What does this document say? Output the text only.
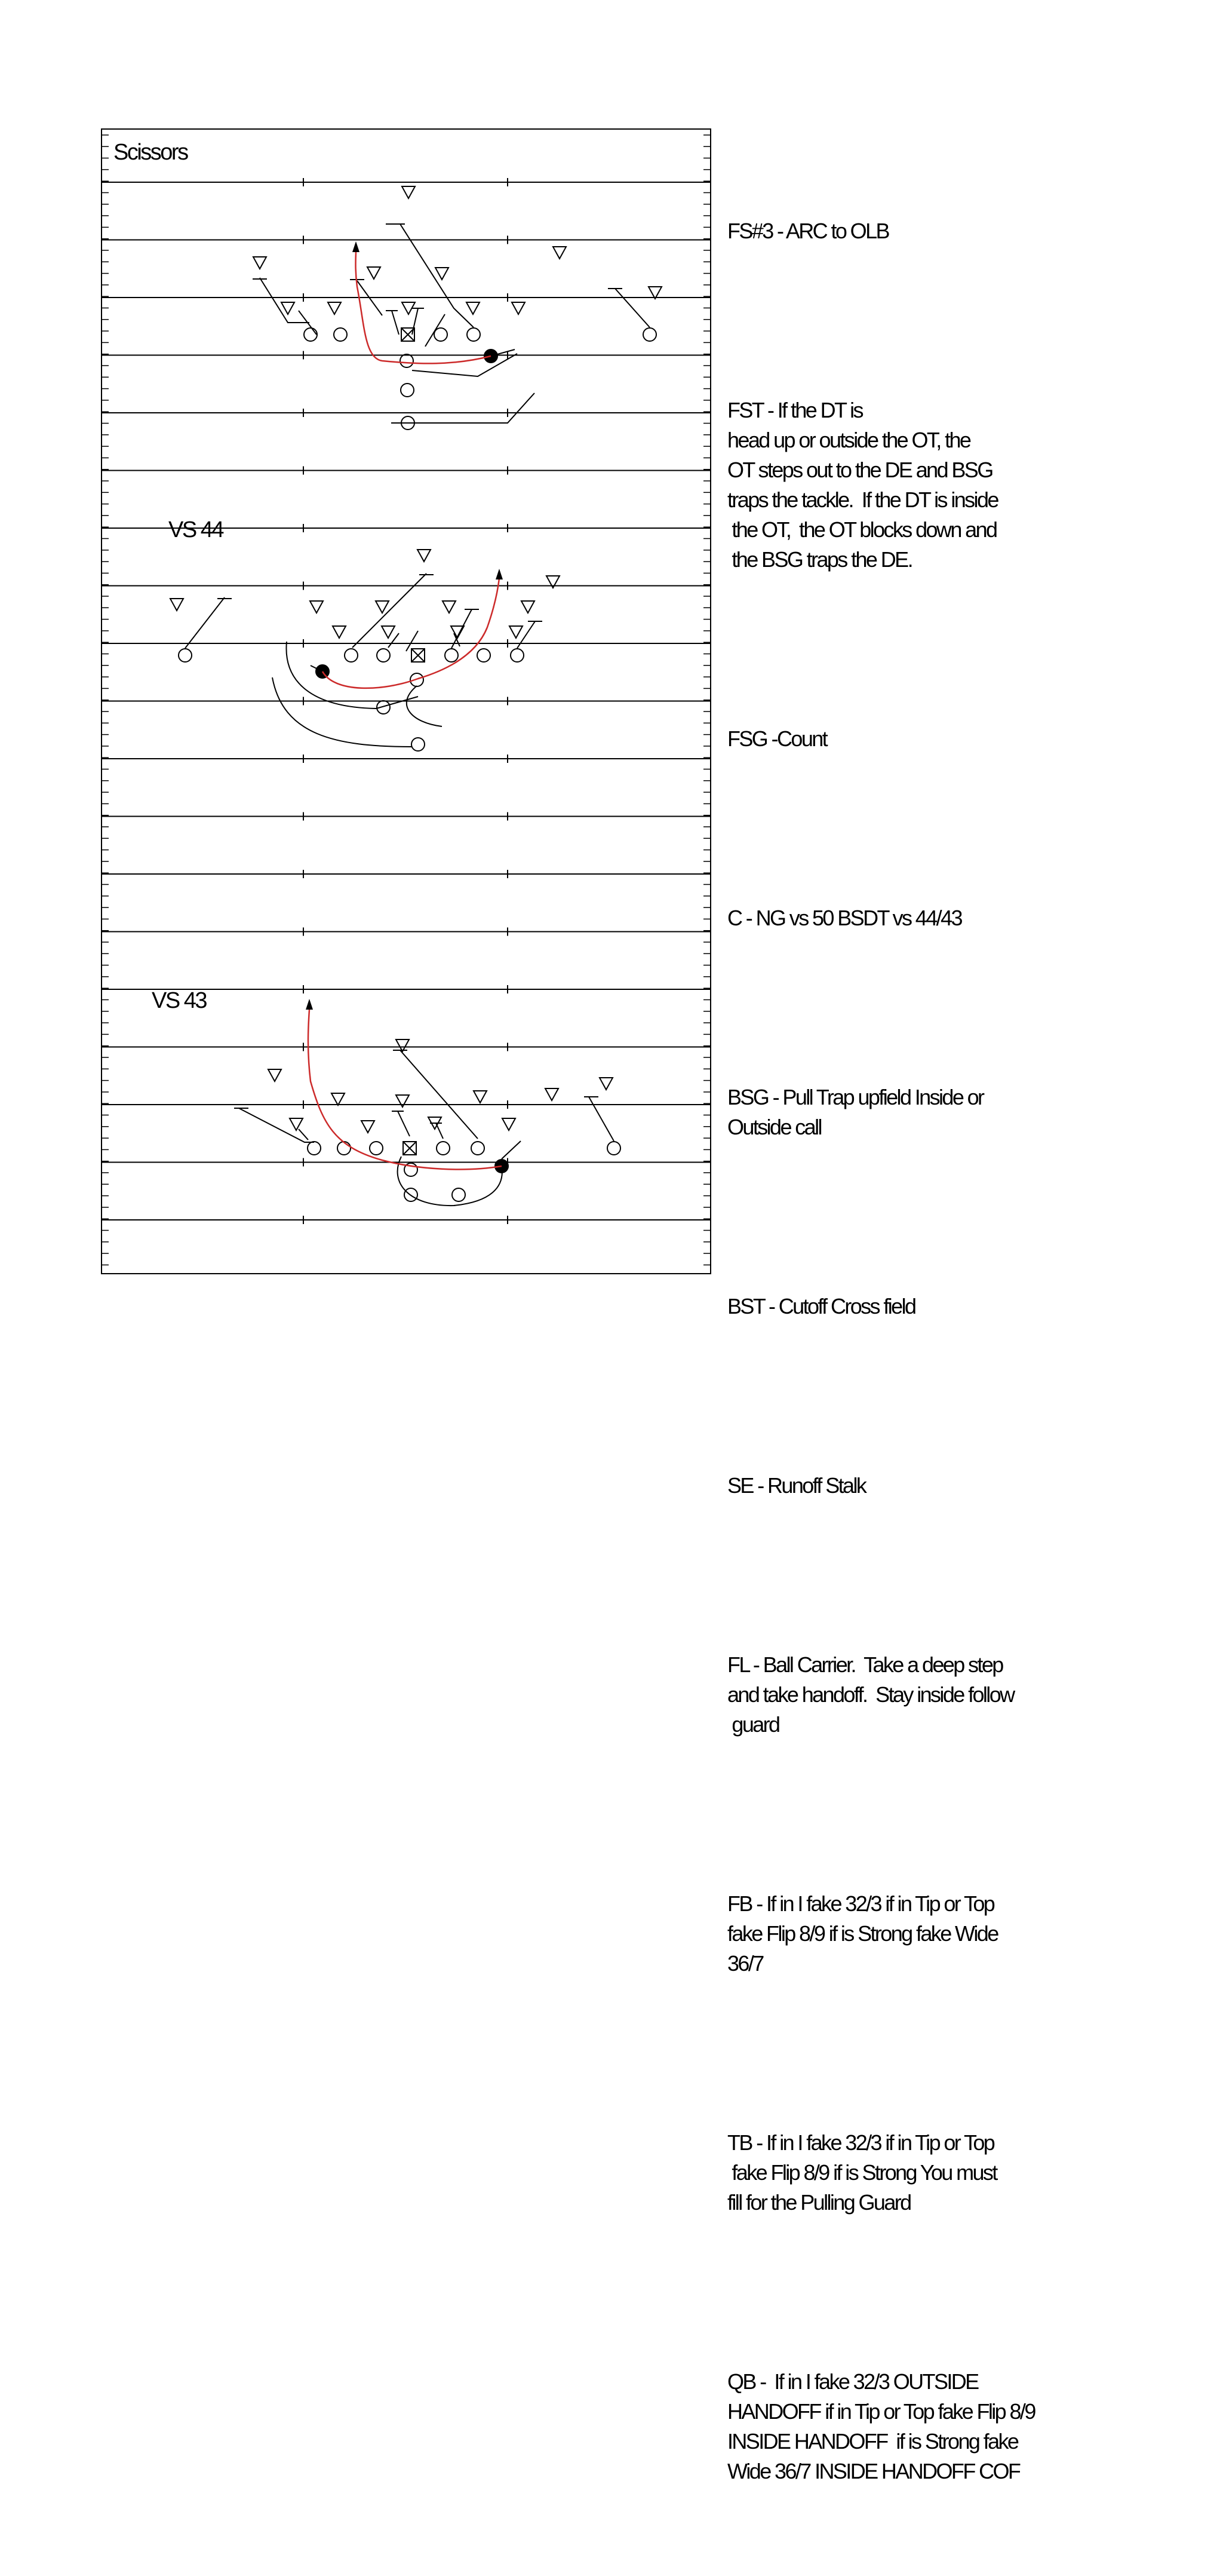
Scissors
VS 44
VS 43

FS#3 - ARC to OLB

FST - If the DT is
head up or outside the OT, the
OT steps out to the DE and BSG
traps the tackle.  If the DT is inside
the OT,  the OT blocks down and
the BSG traps the DE.

FSG -Count

C - NG vs 50 BSDT vs 44/43

BSG - Pull Trap upfield Inside or
Outside call

BST - Cutoff Cross field

SE - Runoff Stalk

FL - Ball Carrier.  Take a deep step
and take handoff.  Stay inside follow
guard

FB - If in I fake 32/3 if in Tip or Top
fake Flip 8/9 if is Strong fake Wide
36/7

TB - If in I fake 32/3 if in Tip or Top
fake Flip 8/9 if is Strong You must
fill for the Pulling Guard

QB -  If in I fake 32/3 OUTSIDE
HANDOFF if in Tip or Top fake Flip 8/9
INSIDE HANDOFF  if is Strong fake
Wide 36/7 INSIDE HANDOFF COF
